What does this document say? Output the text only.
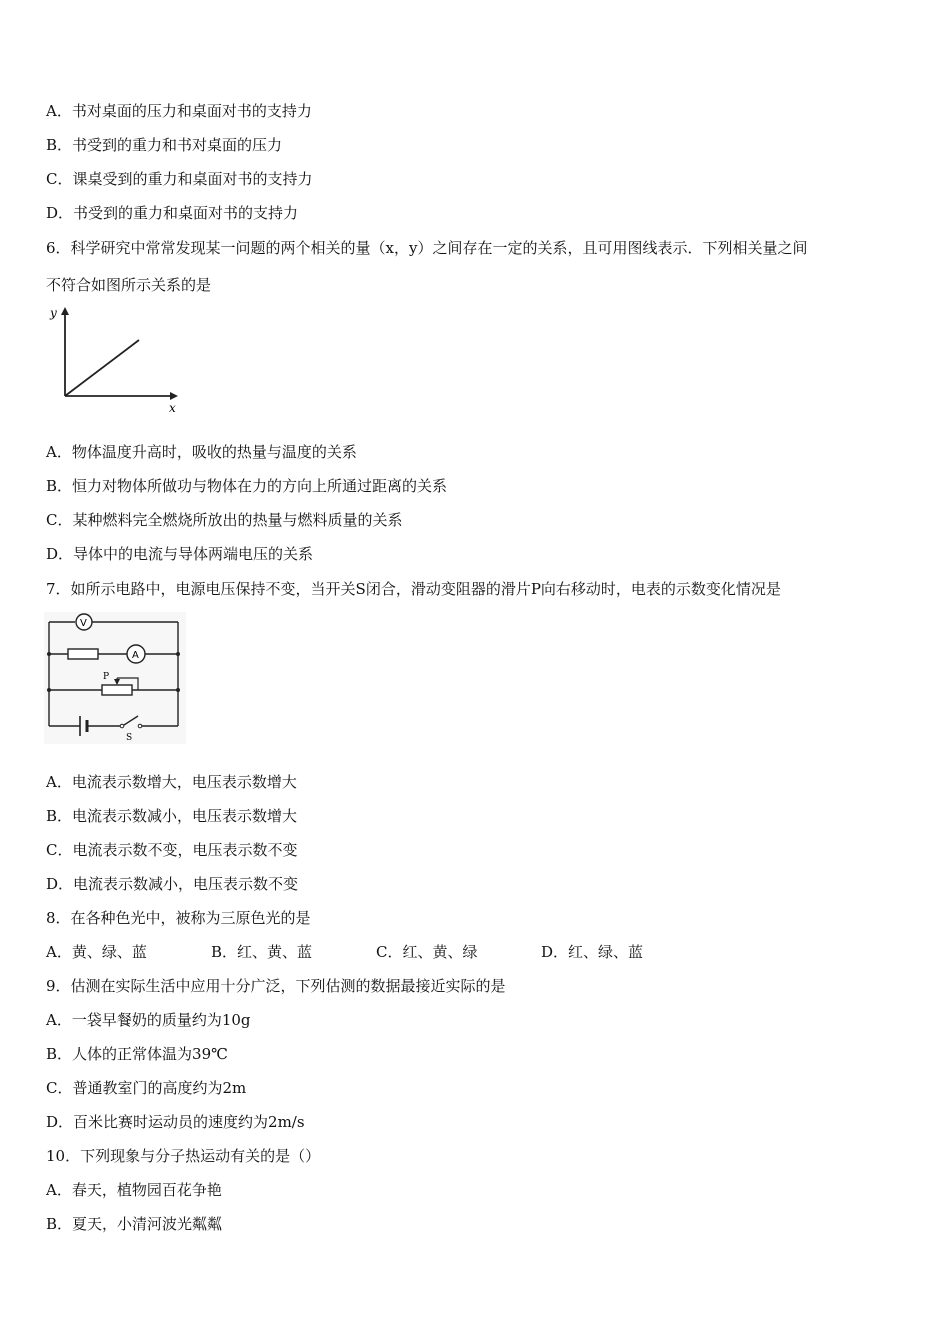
A．书对桌面的压力和桌面对书的支持力
B．书受到的重力和书对桌面的压力
C．课桌受到的重力和桌面对书的支持力
D．书受到的重力和桌面对书的支持力
6．科学研究中常常发现某一问题的两个相关的量（x，y）之间存在一定的关系，且可用图线表示．下列相关量之间
不符合如图所示关系的是
y
x
A．物体温度升高时，吸收的热量与温度的关系
B．恒力对物体所做功与物体在力的方向上所通过距离的关系
C．某种燃料完全燃烧所放出的热量与燃料质量的关系
D．导体中的电流与导体两端电压的关系
7．如所示电路中，电源电压保持不变，当开关S闭合，滑动变阻器的滑片P向右移动时，电表的示数变化情况是
V
A
P
S
A．电流表示数增大，电压表示数增大
B．电流表示数减小，电压表示数增大
C．电流表示数不变，电压表示数不变
D．电流表示数减小，电压表示数不变
8．在各种色光中，被称为三原色光的是
A．黄、绿、蓝	B．红、黄、蓝	C．红、黄、绿	D．红、绿、蓝
9．估测在实际生活中应用十分广泛，下列估测的数据最接近实际的是
A．一袋早餐奶的质量约为10g
B．人体的正常体温为39℃
C．普通教室门的高度约为2m
D．百米比赛时运动员的速度约为2m/s
10．下列现象与分子热运动有关的是（）
A．春天，植物园百花争艳
B．夏天，小清河波光粼粼
